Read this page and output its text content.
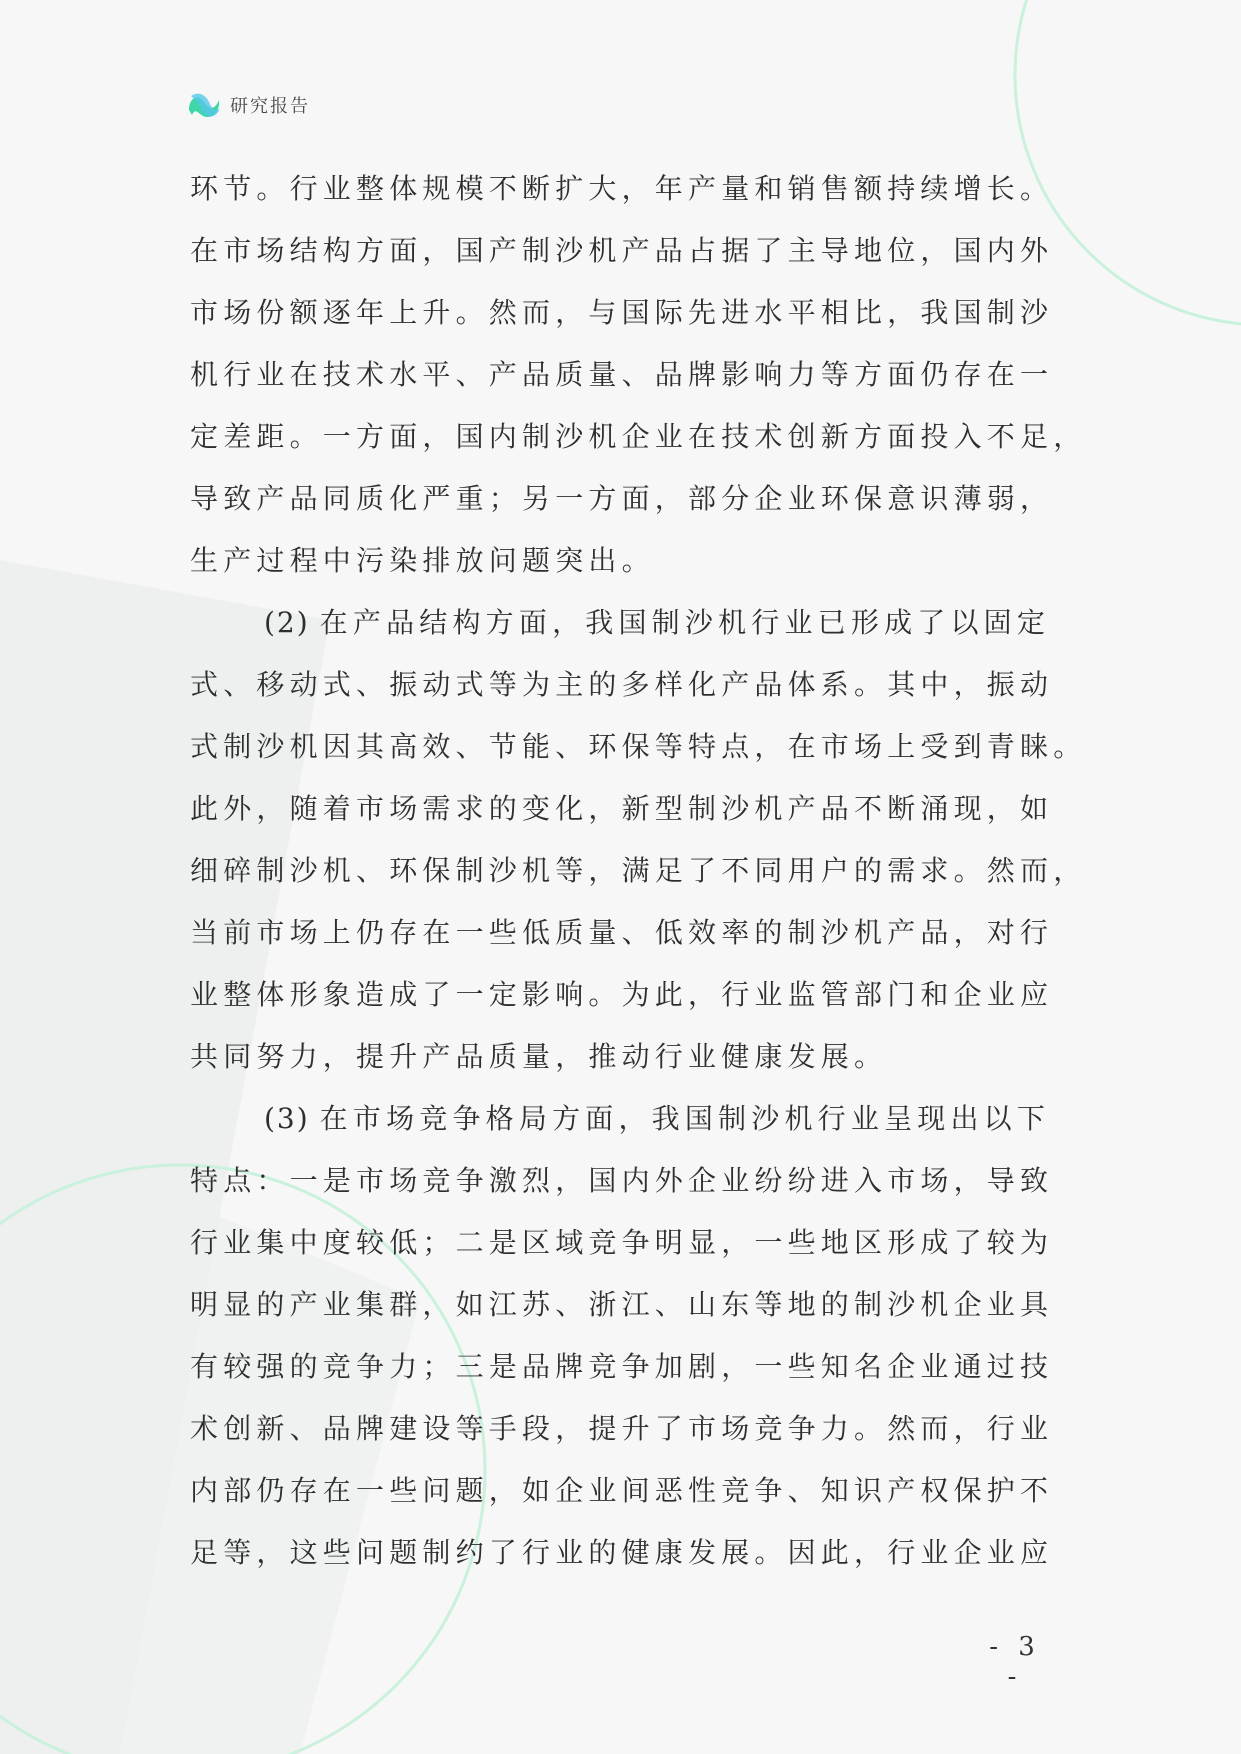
研究报告
环节。行业整体规模不断扩大，年产量和销售额持续增长。
在市场结构方面，国产制沙机产品占据了主导地位，国内外
市场份额逐年上升。然而，与国际先进水平相比，我国制沙
机行业在技术水平、产品质量、品牌影响力等方面仍存在一
定差距。一方面，国内制沙机企业在技术创新方面投入不足，
导致产品同质化严重；另一方面，部分企业环保意识薄弱，
生产过程中污染排放问题突出。
(2) 在产品结构方面，我国制沙机行业已形成了以固定
式、移动式、振动式等为主的多样化产品体系。其中，振动
式制沙机因其高效、节能、环保等特点，在市场上受到青睐。
此外，随着市场需求的变化，新型制沙机产品不断涌现，如
细碎制沙机、环保制沙机等，满足了不同用户的需求。然而，
当前市场上仍存在一些低质量、低效率的制沙机产品，对行
业整体形象造成了一定影响。为此，行业监管部门和企业应
共同努力，提升产品质量，推动行业健康发展。
(3) 在市场竞争格局方面，我国制沙机行业呈现出以下
特点：一是市场竞争激烈，国内外企业纷纷进入市场，导致
行业集中度较低；二是区域竞争明显，一些地区形成了较为
明显的产业集群，如江苏、浙江、山东等地的制沙机企业具
有较强的竞争力；三是品牌竞争加剧，一些知名企业通过技
术创新、品牌建设等手段，提升了市场竞争力。然而，行业
内部仍存在一些问题，如企业间恶性竞争、知识产权保护不
足等，这些问题制约了行业的健康发展。因此，行业企业应
- 3 -
